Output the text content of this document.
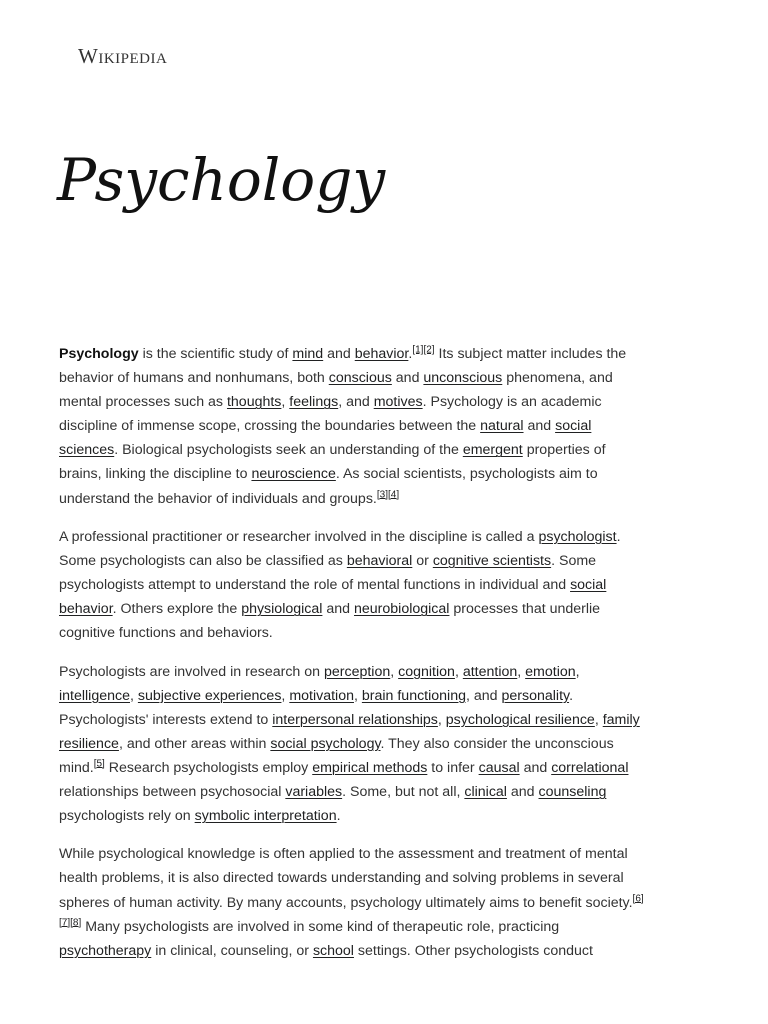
Wikipedia
Psychology

Psychology is the scientific study of mind and behavior.[1][2] Its subject matter includes the behavior of humans and nonhumans, both conscious and unconscious phenomena, and mental processes such as thoughts, feelings, and motives. Psychology is an academic discipline of immense scope, crossing the boundaries between the natural and social sciences. Biological psychologists seek an understanding of the emergent properties of brains, linking the discipline to neuroscience. As social scientists, psychologists aim to understand the behavior of individuals and groups.[3][4]

A professional practitioner or researcher involved in the discipline is called a psychologist. Some psychologists can also be classified as behavioral or cognitive scientists. Some psychologists attempt to understand the role of mental functions in individual and social behavior. Others explore the physiological and neurobiological processes that underlie cognitive functions and behaviors.

Psychologists are involved in research on perception, cognition, attention, emotion, intelligence, subjective experiences, motivation, brain functioning, and personality. Psychologists' interests extend to interpersonal relationships, psychological resilience, family resilience, and other areas within social psychology. They also consider the unconscious mind.[5] Research psychologists employ empirical methods to infer causal and correlational relationships between psychosocial variables. Some, but not all, clinical and counseling psychologists rely on symbolic interpretation.

While psychological knowledge is often applied to the assessment and treatment of mental health problems, it is also directed towards understanding and solving problems in several spheres of human activity. By many accounts, psychology ultimately aims to benefit society.[6][7][8] Many psychologists are involved in some kind of therapeutic role, practicing psychotherapy in clinical, counseling, or school settings. Other psychologists conduct
